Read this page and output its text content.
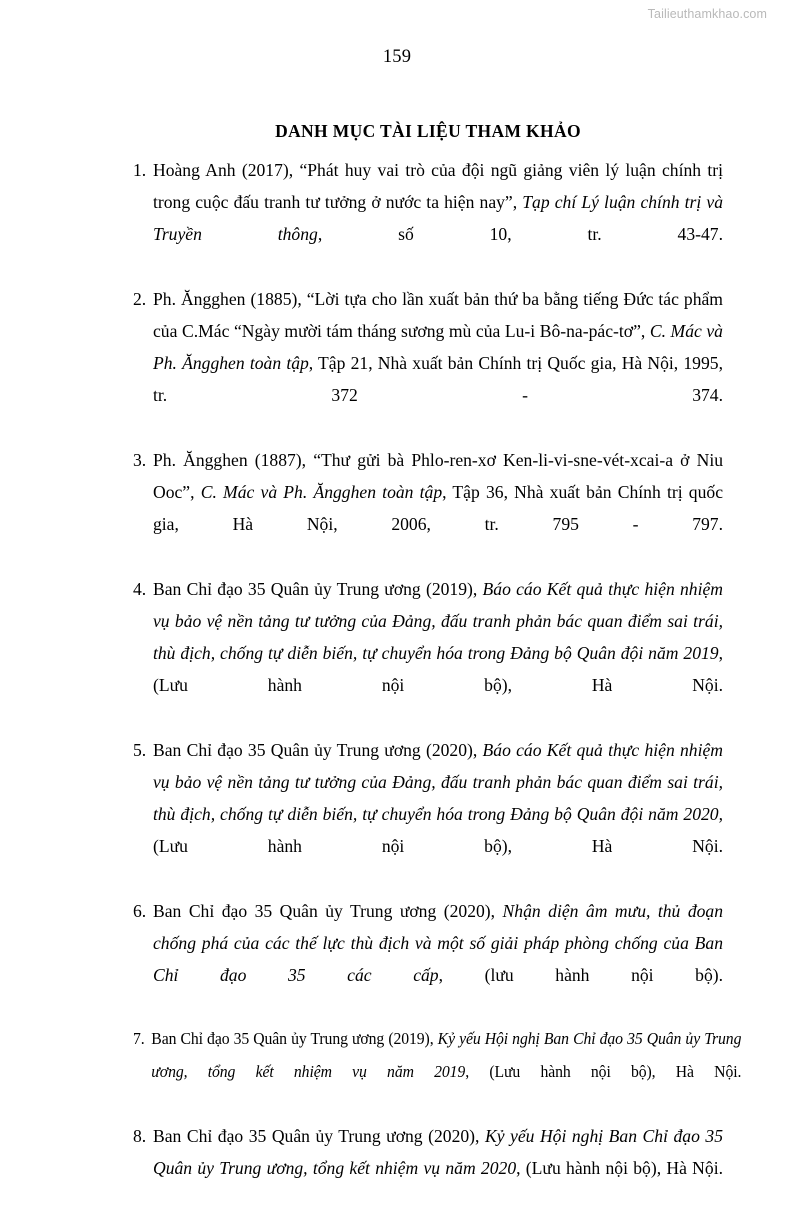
Tailieuthamkhao.com
159
DANH MỤC TÀI LIỆU THAM KHẢO
1. Hoàng Anh (2017), “Phát huy vai trò của đội ngũ giảng viên lý luận chính trị trong cuộc đấu tranh tư tưởng ở nước ta hiện nay”, Tạp chí Lý luận chính trị và Truyền thông, số 10, tr. 43-47.
2. Ph. Ăngghen (1885), “Lời tựa cho lần xuất bản thứ ba bằng tiếng Đức tác phẩm của C.Mác “Ngày mười tám tháng sương mù của Lu-i Bô-na-pác-tơ”, C. Mác và Ph. Ăngghen toàn tập, Tập 21, Nhà xuất bản Chính trị Quốc gia, Hà Nội, 1995, tr. 372 - 374.
3. Ph. Ăngghen (1887), “Thư gửi bà Phlo-ren-xơ Ken-li-vi-sne-vét-xcai-a ở Niu Ooc”, C. Mác và Ph. Ăngghen toàn tập, Tập 36, Nhà xuất bản Chính trị quốc gia, Hà Nội, 2006, tr. 795 - 797.
4. Ban Chỉ đạo 35 Quân ủy Trung ương (2019), Báo cáo Kết quả thực hiện nhiệm vụ bảo vệ nền tảng tư tưởng của Đảng, đấu tranh phản bác quan điểm sai trái, thù địch, chống tự diễn biến, tự chuyển hóa trong Đảng bộ Quân đội năm 2019, (Lưu hành nội bộ), Hà Nội.
5. Ban Chỉ đạo 35 Quân ủy Trung ương (2020), Báo cáo Kết quả thực hiện nhiệm vụ bảo vệ nền tảng tư tưởng của Đảng, đấu tranh phản bác quan điểm sai trái, thù địch, chống tự diễn biến, tự chuyển hóa trong Đảng bộ Quân đội năm 2020, (Lưu hành nội bộ), Hà Nội.
6. Ban Chỉ đạo 35 Quân ủy Trung ương (2020), Nhận diện âm mưu, thủ đoạn chống phá của các thế lực thù địch và một số giải pháp phòng chống của Ban Chỉ đạo 35 các cấp, (lưu hành nội bộ).
7. Ban Chỉ đạo 35 Quân ủy Trung ương (2019), Kỷ yếu Hội nghị Ban Chỉ đạo 35 Quân ủy Trung ương, tổng kết nhiệm vụ năm 2019, (Lưu hành nội bộ), Hà Nội.
8. Ban Chỉ đạo 35 Quân ủy Trung ương (2020), Kỷ yếu Hội nghị Ban Chỉ đạo 35 Quân ủy Trung ương, tổng kết nhiệm vụ năm 2020, (Lưu hành nội bộ), Hà Nội.
